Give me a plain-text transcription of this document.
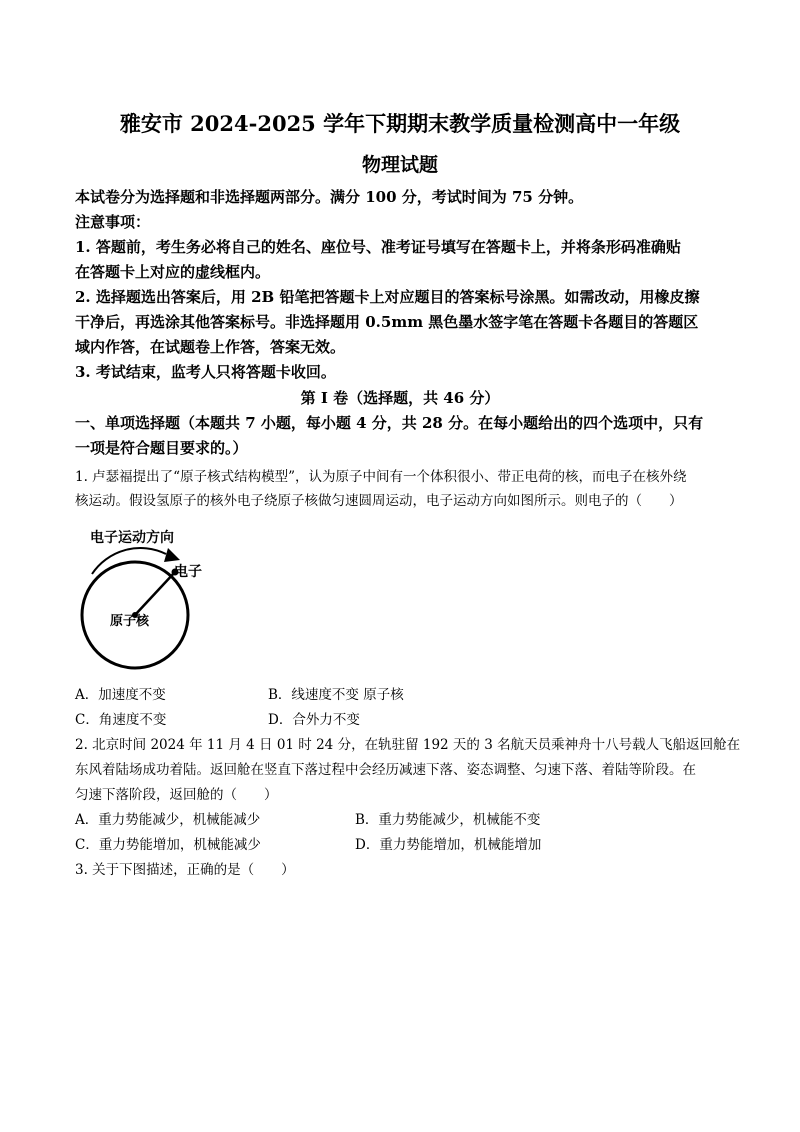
雅安市 2024-2025 学年下期期末教学质量检测高中一年级
物理试题
本试卷分为选择题和非选择题两部分。满分 100 分，考试时间为 75 分钟。
注意事项：
1. 答题前，考生务必将自己的姓名、座位号、准考证号填写在答题卡上，并将条形码准确贴
在答题卡上对应的虚线框内。
2. 选择题选出答案后，用 2B 铅笔把答题卡上对应题目的答案标号涂黑。如需改动，用橡皮擦
干净后，再选涂其他答案标号。非选择题用 0.5mm 黑色墨水签字笔在答题卡各题目的答题区
域内作答，在试题卷上作答，答案无效。
3. 考试结束，监考人只将答题卡收回。
第 I 卷（选择题，共 46 分）
一、单项选择题（本题共 7 小题，每小题 4 分，共 28 分。在每小题给出的四个选项中，只有
一项是符合题目要求的。）
1. 卢瑟福提出了“原子核式结构模型”，认为原子中间有一个体积很小、带正电荷的核，而电子在核外绕
核运动。假设氢原子的核外电子绕原子核做匀速圆周运动，电子运动方向如图所示。则电子的（　　）
电子运动方向
电子
原子核
A．加速度不变	B．线速度不变 原子核
C．角速度不变	D．合外力不变
2. 北京时间 2024 年 11 月 4 日 01 时 24 分，在轨驻留 192 天的 3 名航天员乘神舟十八号载人飞船返回舱在
东风着陆场成功着陆。返回舱在竖直下落过程中会经历减速下落、姿态调整、匀速下落、着陆等阶段。在
匀速下落阶段，返回舱的（　　）
A．重力势能减少，机械能减少	B．重力势能减少，机械能不变
C．重力势能增加，机械能减少	D．重力势能增加，机械能增加
3. 关于下图描述，正确的是（　　）
